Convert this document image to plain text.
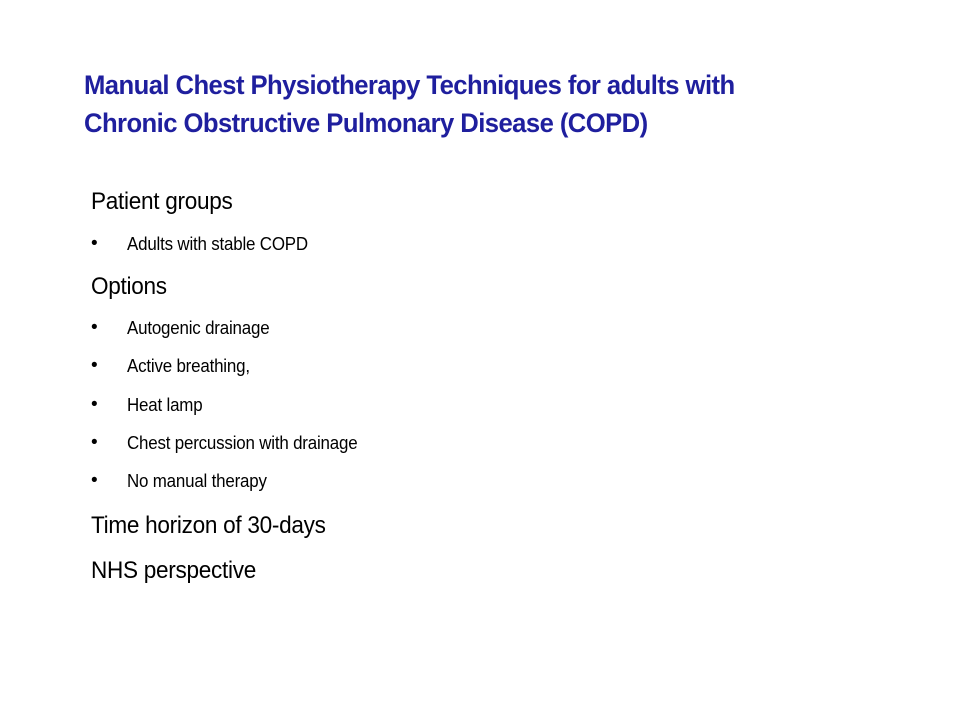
Manual Chest Physiotherapy Techniques for adults with
Chronic Obstructive Pulmonary Disease (COPD)
Patient groups
• Adults with stable COPD
Options
• Autogenic drainage
• Active breathing,
• Heat lamp
• Chest percussion with drainage
• No manual therapy
Time horizon of 30-days
NHS perspective
